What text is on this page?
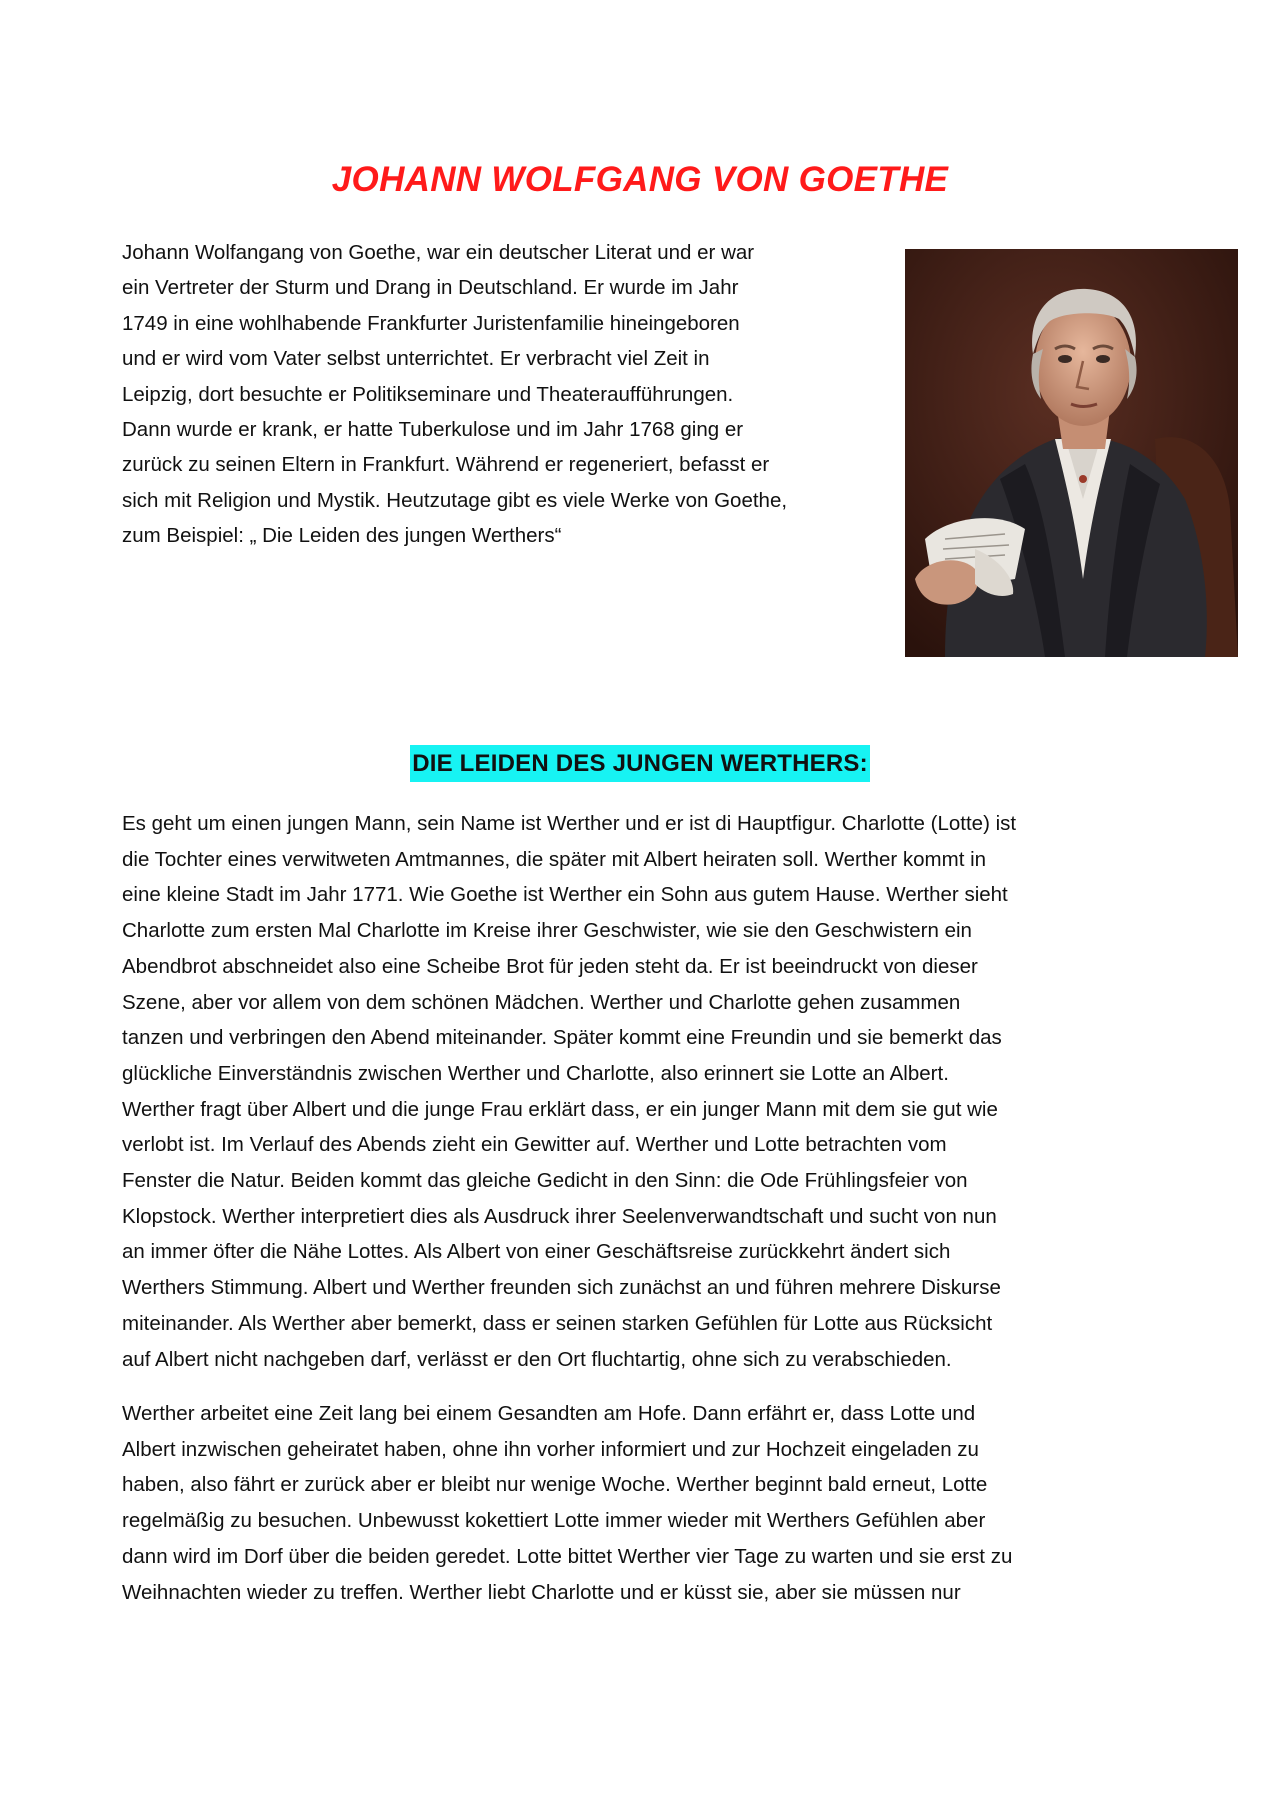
JOHANN WOLFGANG VON GOETHE

Johann Wolfangang von Goethe, war ein deutscher Literat und er war
ein Vertreter der Sturm und Drang in Deutschland. Er wurde im Jahr
1749 in eine wohlhabende Frankfurter Juristenfamilie hineingeboren
und er wird vom Vater selbst unterrichtet. Er verbracht viel Zeit in
Leipzig, dort besuchte er Politikseminare und Theateraufführungen.
Dann wurde er krank, er hatte Tuberkulose und im Jahr 1768 ging er
zurück zu seinen Eltern in Frankfurt. Während er regeneriert, befasst er
sich mit Religion und Mystik. Heutzutage gibt es viele Werke von Goethe,
zum Beispiel: „ Die Leiden des jungen Werthers“

DIE LEIDEN DES JUNGEN WERTHERS:

Es geht um einen jungen Mann, sein Name ist Werther und er ist di Hauptfigur. Charlotte (Lotte) ist
die Tochter eines verwitweten Amtmannes, die später mit Albert heiraten soll. Werther kommt in
eine kleine Stadt im Jahr 1771. Wie Goethe ist Werther ein Sohn aus gutem Hause. Werther sieht
Charlotte zum ersten Mal Charlotte im Kreise ihrer Geschwister, wie sie den Geschwistern ein
Abendbrot abschneidet also eine Scheibe Brot für jeden steht da. Er ist beeindruckt von dieser
Szene, aber vor allem von dem schönen Mädchen. Werther und Charlotte gehen zusammen
tanzen und verbringen den Abend miteinander. Später kommt eine Freundin und sie bemerkt das
glückliche Einverständnis zwischen Werther und Charlotte, also erinnert sie Lotte an Albert.
Werther fragt über Albert und die junge Frau erklärt dass, er ein junger Mann mit dem sie gut wie
verlobt ist. Im Verlauf des Abends zieht ein Gewitter auf. Werther und Lotte betrachten vom
Fenster die Natur. Beiden kommt das gleiche Gedicht in den Sinn: die Ode Frühlingsfeier von
Klopstock. Werther interpretiert dies als Ausdruck ihrer Seelenverwandtschaft und sucht von nun
an immer öfter die Nähe Lottes. Als Albert von einer Geschäftsreise zurückkehrt ändert sich
Werthers Stimmung. Albert und Werther freunden sich zunächst an und führen mehrere Diskurse
miteinander. Als Werther aber bemerkt, dass er seinen starken Gefühlen für Lotte aus Rücksicht
auf Albert nicht nachgeben darf, verlässt er den Ort fluchtartig, ohne sich zu verabschieden.

Werther arbeitet eine Zeit lang bei einem Gesandten am Hofe. Dann erfährt er, dass Lotte und
Albert inzwischen geheiratet haben, ohne ihn vorher informiert und zur Hochzeit eingeladen zu
haben, also fährt er zurück aber er bleibt nur wenige Woche. Werther beginnt bald erneut, Lotte
regelmäßig zu besuchen. Unbewusst kokettiert Lotte immer wieder mit Werthers Gefühlen aber
dann wird im Dorf über die beiden geredet. Lotte bittet Werther vier Tage zu warten und sie erst zu
Weihnachten wieder zu treffen. Werther liebt Charlotte und er küsst sie, aber sie müssen nur
